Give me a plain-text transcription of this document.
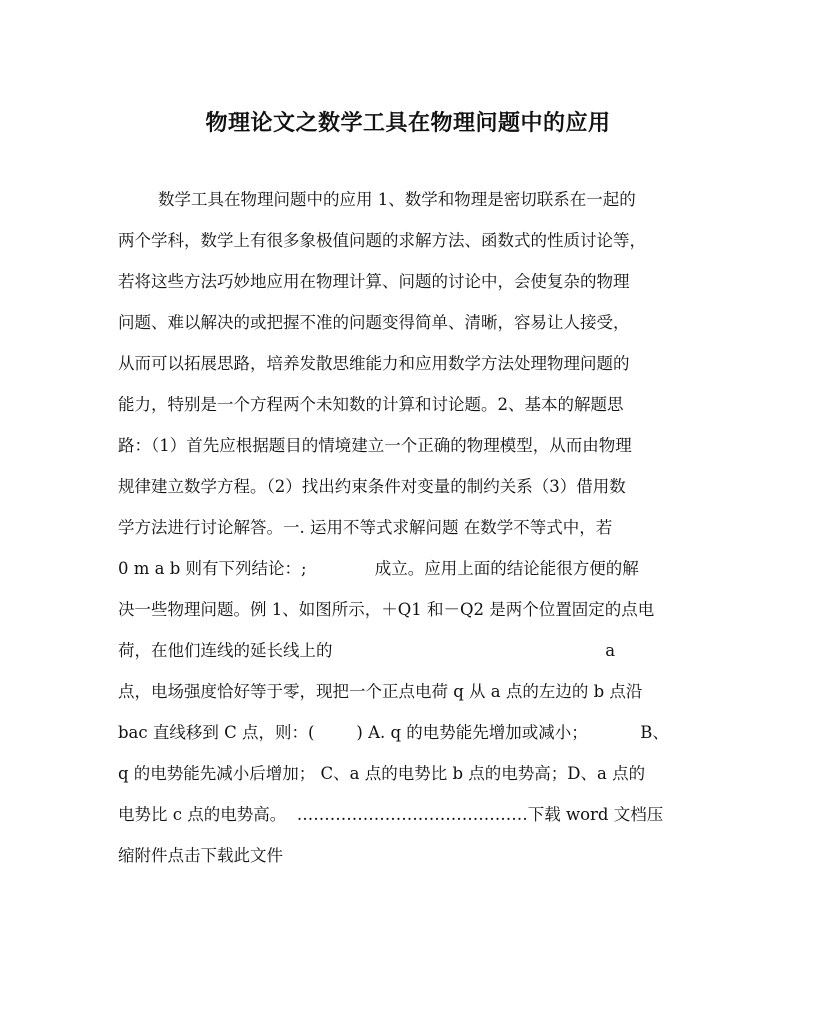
物理论文之数学工具在物理问题中的应用
数学工具在物理问题中的应用 1、数学和物理是密切联系在一起的
两个学科，数学上有很多象极值问题的求解方法、函数式的性质讨论等，
若将这些方法巧妙地应用在物理计算、问题的讨论中，会使复杂的物理
问题、难以解决的或把握不准的问题变得简单、清晰，容易让人接受，
从而可以拓展思路，培养发散思维能力和应用数学方法处理物理问题的
能力，特别是一个方程两个未知数的计算和讨论题。2、基本的解题思
路：（1）首先应根据题目的情境建立一个正确的物理模型，从而由物理
规律建立数学方程。（2）找出约束条件对变量的制约关系（3）借用数
学方法进行讨论解答。一. 运用不等式求解问题 在数学不等式中，若
0 m a b 则有下列结论：;             成立。应用上面的结论能很方便的解
决一些物理问题。例 1、如图所示，＋Q1 和－Q2 是两个位置固定的点电
荷，在他们连线的延长线上的                                                    a
点，电场强度恰好等于零，现把一个正点电荷 q 从 a 点的左边的 b 点沿
bac 直线移到 C 点，则：(        ) A. q 的电势能先增加或减小；          B、
q 的电势能先减小后增加； C、a 点的电势比 b 点的电势高；D、a 点的
电势比 c 点的电势高。  ……………………………………下载 word 文档压
缩附件点击下载此文件
